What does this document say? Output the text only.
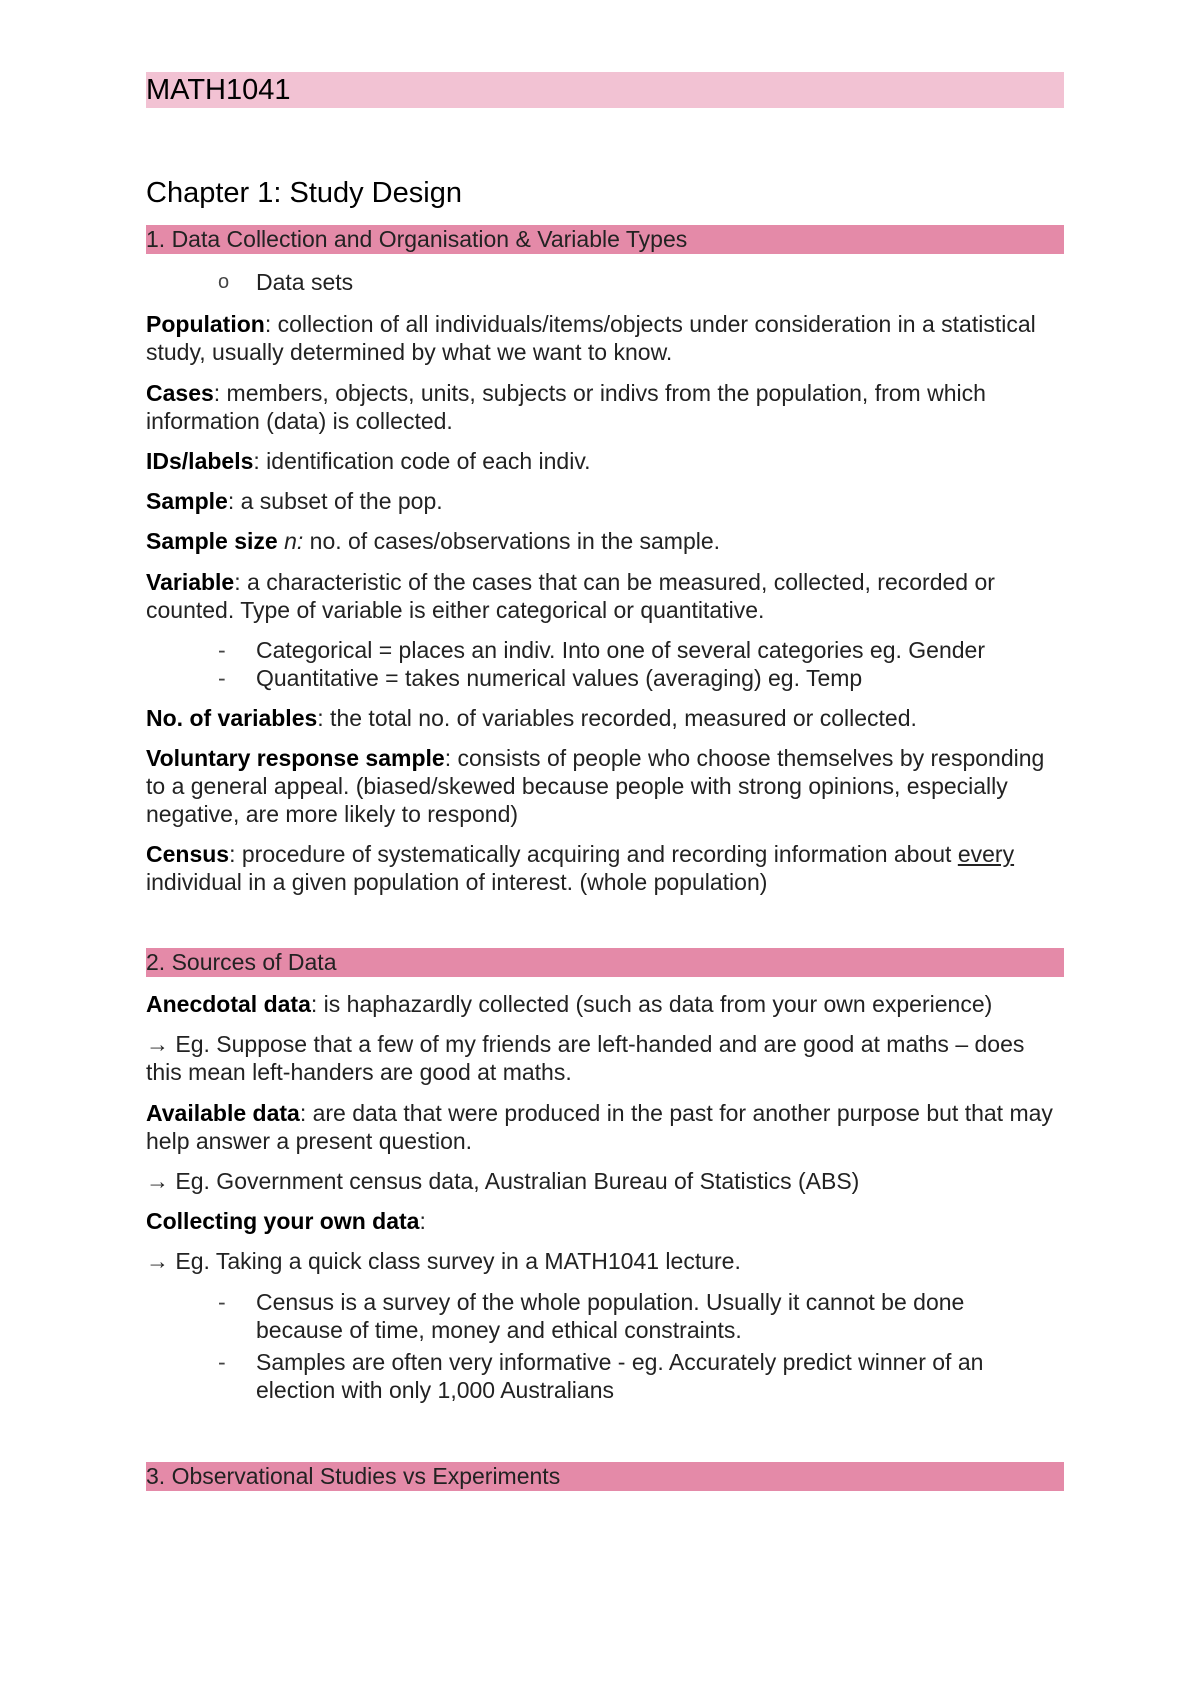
MATH1041
Chapter 1: Study Design
1. Data Collection and Organisation & Variable Types
o Data sets
Population: collection of all individuals/items/objects under consideration in a statistical study, usually determined by what we want to know.
Cases: members, objects, units, subjects or indivs from the population, from which information (data) is collected.
IDs/labels: identification code of each indiv.
Sample: a subset of the pop.
Sample size n: no. of cases/observations in the sample.
Variable: a characteristic of the cases that can be measured, collected, recorded or counted. Type of variable is either categorical or quantitative.
- Categorical = places an indiv. Into one of several categories eg. Gender
- Quantitative = takes numerical values (averaging) eg. Temp
No. of variables: the total no. of variables recorded, measured or collected.
Voluntary response sample: consists of people who choose themselves by responding to a general appeal. (biased/skewed because people with strong opinions, especially negative, are more likely to respond)
Census: procedure of systematically acquiring and recording information about every individual in a given population of interest. (whole population)
2. Sources of Data
Anecdotal data: is haphazardly collected (such as data from your own experience)
→ Eg. Suppose that a few of my friends are left-handed and are good at maths – does this mean left-handers are good at maths.
Available data: are data that were produced in the past for another purpose but that may help answer a present question.
→ Eg. Government census data, Australian Bureau of Statistics (ABS)
Collecting your own data:
→ Eg. Taking a quick class survey in a MATH1041 lecture.
- Census is a survey of the whole population. Usually it cannot be done because of time, money and ethical constraints.
- Samples are often very informative - eg. Accurately predict winner of an election with only 1,000 Australians
3. Observational Studies vs Experiments
